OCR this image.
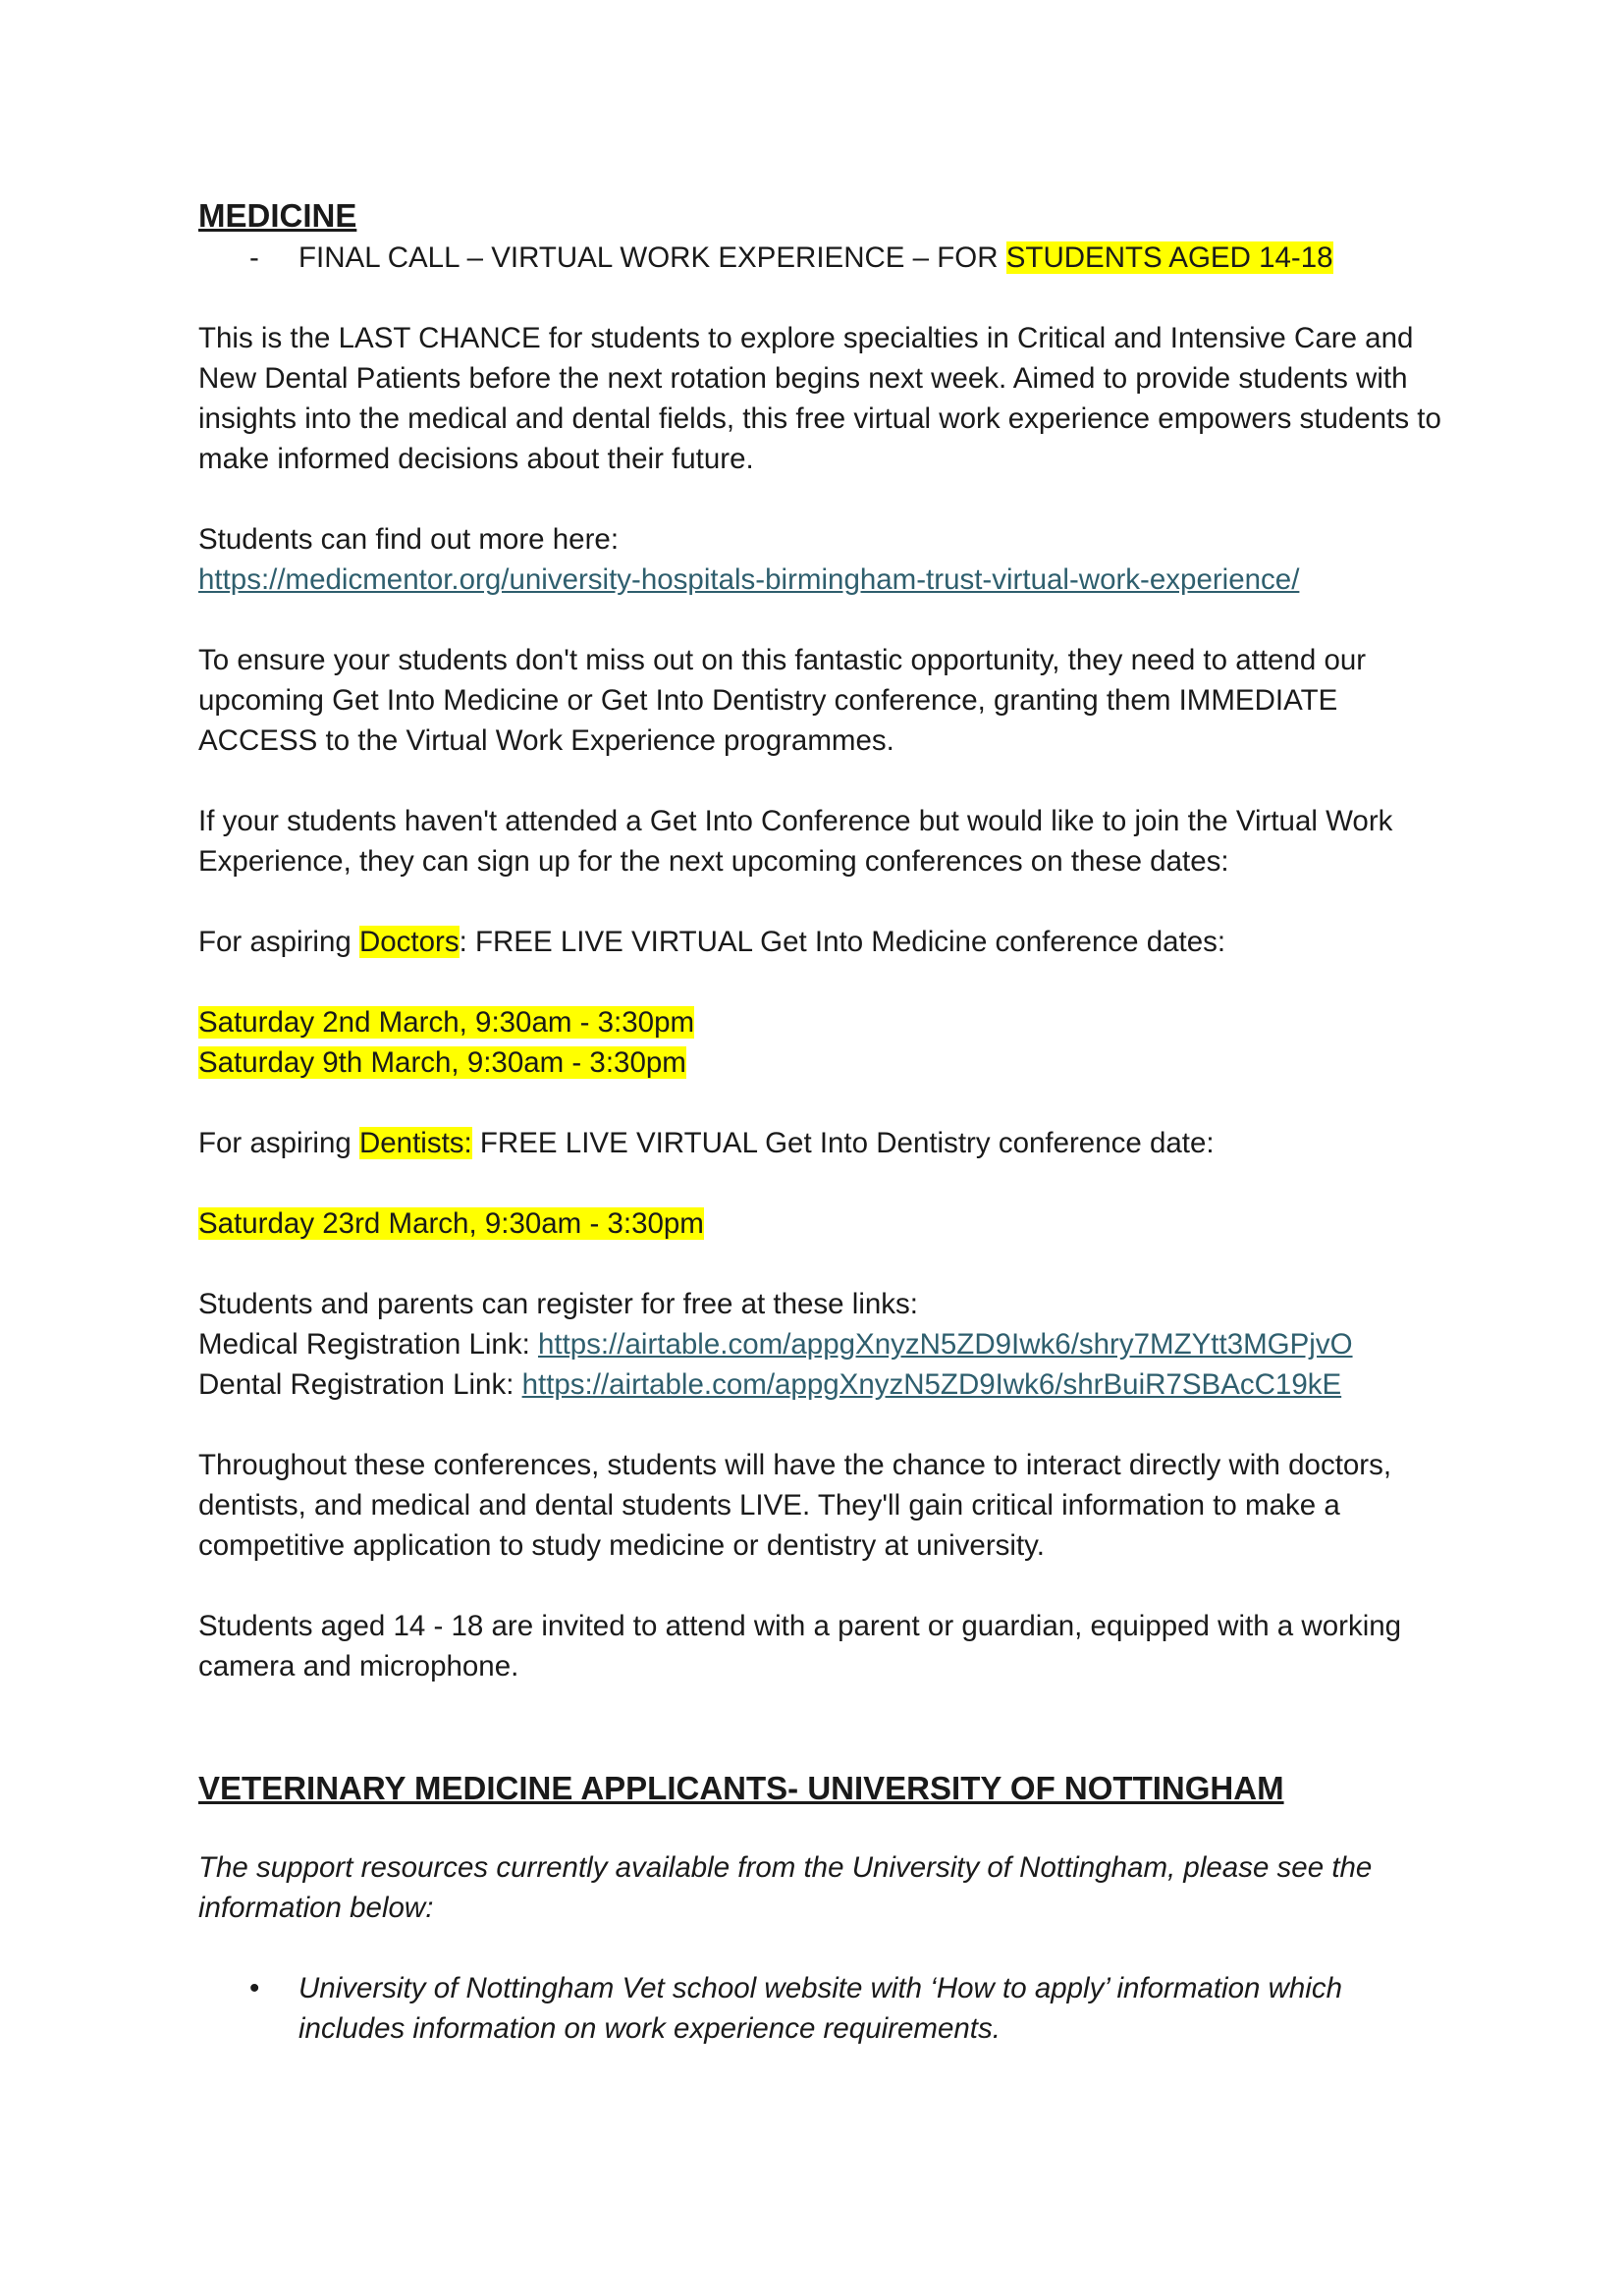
MEDICINE

-	FINAL CALL – VIRTUAL WORK EXPERIENCE – FOR STUDENTS AGED 14-18

This is the LAST CHANCE for students to explore specialties in Critical and Intensive Care and New Dental Patients before the next rotation begins next week. Aimed to provide students with insights into the medical and dental fields, this free virtual work experience empowers students to make informed decisions about their future.

Students can find out more here:

https://medicmentor.org/university-hospitals-birmingham-trust-virtual-work-experience/

To ensure your students don't miss out on this fantastic opportunity, they need to attend our upcoming Get Into Medicine or Get Into Dentistry conference, granting them IMMEDIATE ACCESS to the Virtual Work Experience programmes.

If your students haven't attended a Get Into Conference but would like to join the Virtual Work Experience, they can sign up for the next upcoming conferences on these dates:

For aspiring Doctors: FREE LIVE VIRTUAL Get Into Medicine conference dates:

Saturday 2nd March, 9:30am - 3:30pm

Saturday 9th March, 9:30am - 3:30pm

For aspiring Dentists: FREE LIVE VIRTUAL Get Into Dentistry conference date:

Saturday 23rd March, 9:30am - 3:30pm

Students and parents can register for free at these links:

Medical Registration Link: https://airtable.com/appgXnyzN5ZD9Iwk6/shry7MZYtt3MGPjvO

Dental Registration Link: https://airtable.com/appgXnyzN5ZD9Iwk6/shrBuiR7SBAcC19kE

Throughout these conferences, students will have the chance to interact directly with doctors, dentists, and medical and dental students LIVE. They'll gain critical information to make a competitive application to study medicine or dentistry at university.

Students aged 14 - 18 are invited to attend with a parent or guardian, equipped with a working camera and microphone.

VETERINARY MEDICINE APPLICANTS- UNIVERSITY OF NOTTINGHAM

The support resources currently available from the University of Nottingham, please see the information below:

•	University of Nottingham Vet school website with ‘How to apply’ information which includes information on work experience requirements.
